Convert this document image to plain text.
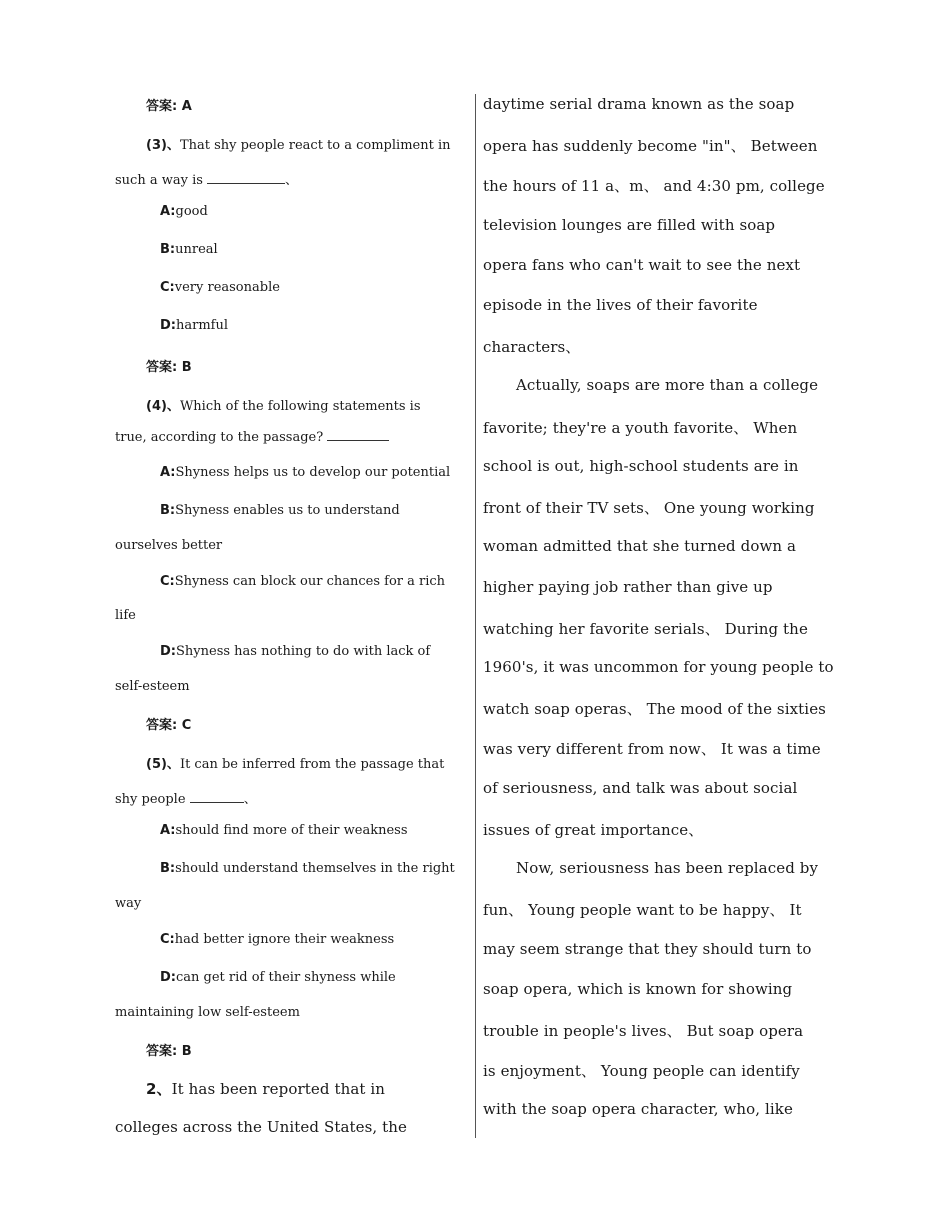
答案: A
(3)、That shy people react to a compliment in
such a way is	、
A:good
B:unreal
C:very reasonable
D:harmful
答案: B
(4)、Which of the following statements is
true, according to the passage?
A:Shyness helps us to develop our potential
B:Shyness enables us to understand
ourselves better
C:Shyness can block our chances for a rich
life
D:Shyness has nothing to do with lack of
self-esteem
答案: C
(5)、It can be inferred from the passage that
shy people	、
A:should find more of their weakness
B:should understand themselves in the right
way
C:had better ignore their weakness
D:can get rid of their shyness while
maintaining low self-esteem
答案: B
2、It has been reported that in
colleges across the United States, the
daytime serial drama known as the soap
opera has suddenly become "in"、 Between
the hours of 11 a、m、 and 4:30 pm, college
television lounges are filled with soap
opera fans who can't wait to see the next
episode in the lives of their favorite
characters、
Actually, soaps are more than a college
favorite; they're a youth favorite、 When
school is out, high-school students are in
front of their TV sets、 One young working
woman admitted that she turned down a
higher paying job rather than give up
watching her favorite serials、 During the
1960's, it was uncommon for young people to
watch soap operas、 The mood of the sixties
was very different from now、 It was a time
of seriousness, and talk was about social
issues of great importance、
Now, seriousness has been replaced by
fun、 Young people want to be happy、 It
may seem strange that they should turn to
soap opera, which is known for showing
trouble in people's lives、 But soap opera
is enjoyment、 Young people can identify
with the soap opera character, who, like
